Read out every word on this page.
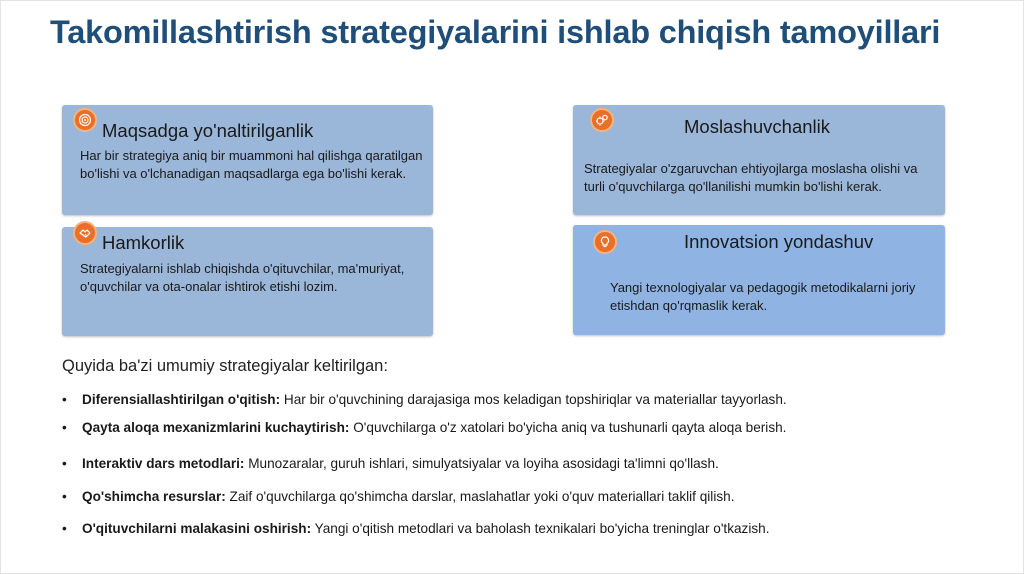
Takomillashtirish strategiyalarini ishlab chiqish tamoyillari
Maqsadga yo'naltirilganlik
Har bir strategiya aniq bir muammoni hal qilishga qaratilgan bo'lishi va o'lchanadigan maqsadlarga ega bo'lishi kerak.
Moslashuvchanlik
Strategiyalar o'zgaruvchan ehtiyojlarga moslasha olishi va turli o'quvchilarga qo'llanilishi mumkin bo'lishi kerak.
Hamkorlik
Strategiyalarni ishlab chiqishda o'qituvchilar, ma'muriyat, o'quvchilar va ota-onalar ishtirok etishi lozim.
Innovatsion yondashuv
Yangi texnologiyalar va pedagogik metodikalarni joriy etishdan qo'rqmaslik kerak.
Quyida ba'zi umumiy strategiyalar keltirilgan:
• Diferensiallashtirilgan o'qitish: Har bir o'quvchining darajasiga mos keladigan topshiriqlar va materiallar tayyorlash.
• Qayta aloqa mexanizmlarini kuchaytirish: O'quvchilarga o'z xatolari bo'yicha aniq va tushunarli qayta aloqa berish.
• Interaktiv dars metodlari: Munozaralar, guruh ishlari, simulyatsiyalar va loyiha asosidagi ta'limni qo'llash.
• Qo'shimcha resurslar: Zaif o'quvchilarga qo'shimcha darslar, maslahatlar yoki o'quv materiallari taklif qilish.
• O'qituvchilarni malakasini oshirish: Yangi o'qitish metodlari va baholash texnikalari bo'yicha treninglar o'tkazish.
